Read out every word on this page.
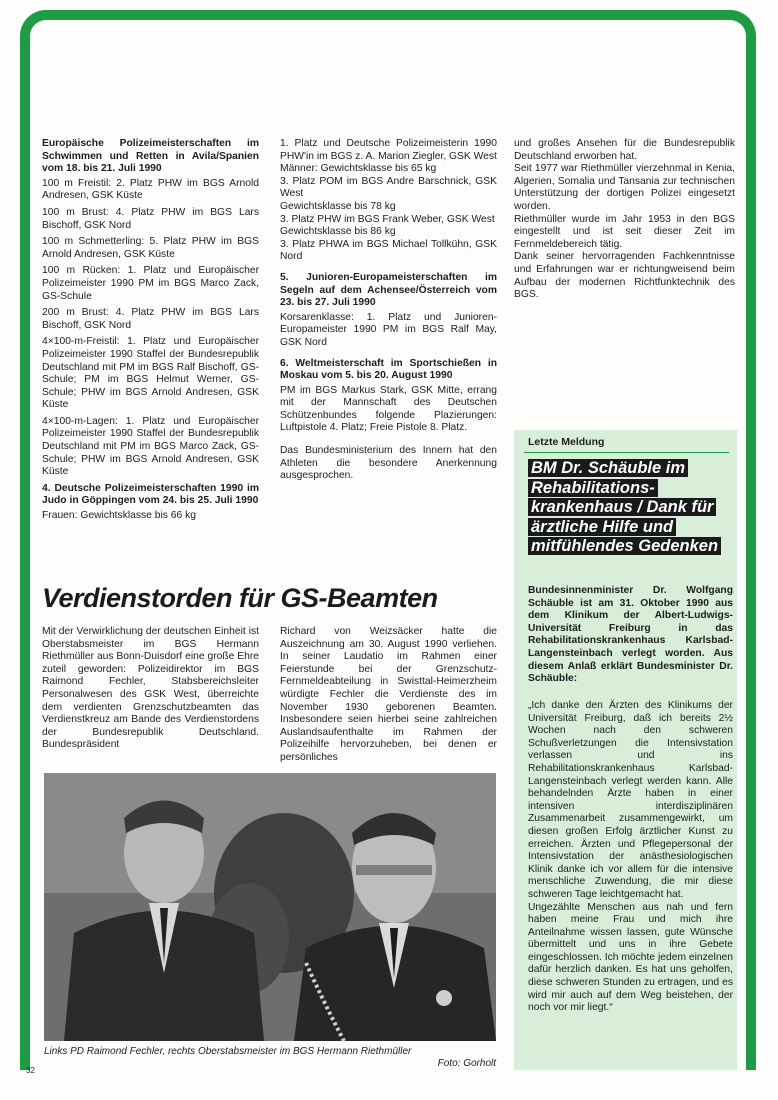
Europäische Polizeimeisterschaften im Schwimmen und Retten in Avila/Spanien vom 18. bis 21. Juli 1990

100 m Freistil: 2. Platz PHW im BGS Arnold Andresen, GSK Küste

100 m Brust: 4. Platz PHW im BGS Lars Bischoff, GSK Nord

100 m Schmetterling: 5. Platz PHW im BGS Arnold Andresen, GSK Küste

100 m Rücken: 1. Platz und Europäischer Polizeimeister 1990 PM im BGS Marco Zack, GS-Schule

200 m Brust: 4. Platz PHW im BGS Lars Bischoff, GSK Nord

4×100-m-Freistil: 1. Platz und Europäischer Polizeimeister 1990 Staffel der Bundesrepublik Deutschland mit PM im BGS Ralf Bischoff, GS-Schule; PM im BGS Helmut Werner, GS-Schule; PHW im BGS Arnold Andresen, GSK Küste

4×100-m-Lagen: 1. Platz und Europäischer Polizeimeister 1990 Staffel der Bundesrepublik Deutschland mit PM im BGS Marco Zack, GS-Schule; PHW im BGS Arnold Andresen, GSK Küste

4. Deutsche Polizeimeisterschaften 1990 im Judo in Göppingen vom 24. bis 25. Juli 1990

Frauen: Gewichtsklasse bis 66 kg

1. Platz und Deutsche Polizeimeisterin 1990 PHW'in im BGS z. A. Marion Ziegler, GSK West

Männer: Gewichtsklasse bis 65 kg

3. Platz POM im BGS Andre Barschnick, GSK West

Gewichtsklasse bis 78 kg

3. Platz PHW im BGS Frank Weber, GSK West

Gewichtsklasse bis 86 kg

3. Platz PHWA im BGS Michael Tollkühn, GSK Nord

5. Junioren-Europameisterschaften im Segeln auf dem Achensee/Österreich vom 23. bis 27. Juli 1990

Korsarenklasse: 1. Platz und Junioren-Europameister 1990 PM im BGS Ralf May, GSK Nord

6. Weltmeisterschaft im Sportschießen in Moskau vom 5. bis 20. August 1990

PM im BGS Markus Stark, GSK Mitte, errang mit der Mannschaft des Deutschen Schützenbundes folgende Plazierungen: Luftpistole 4. Platz; Freie Pistole 8. Platz.

Das Bundesministerium des Innern hat den Athleten die besondere Anerkennung ausgesprochen.

und großes Ansehen für die Bundesrepublik Deutschland erworben hat.

Seit 1977 war Riethmüller vierzehnmal in Kenia, Algerien, Somalia und Tansania zur technischen Unterstützung der dortigen Polizei eingesetzt worden.

Riethmüller wurde im Jahr 1953 in den BGS eingestellt und ist seit dieser Zeit im Fernmeldebereich tätig.

Dank seiner hervorragenden Fachkenntnisse und Erfahrungen war er richtungweisend beim Aufbau der modernen Richtfunktechnik des BGS.

Verdienstorden für GS-Beamten

Mit der Verwirklichung der deutschen Einheit ist Oberstabsmeister im BGS Hermann Riethmüller aus Bonn-Duisdorf eine große Ehre zuteil geworden: Polizeidirektor im BGS Raimond Fechler, Stabsbereichsleiter Personalwesen des GSK West, überreichte dem verdienten Grenzschutzbeamten das Verdienstkreuz am Bande des Verdienstordens der Bundesrepublik Deutschland. Bundespräsident

Richard von Weizsäcker hatte die Auszeichnung am 30. August 1990 verliehen. In seiner Laudatio im Rahmen einer Feierstunde bei der Grenzschutz-Fernmeldeabteilung in Swisttal-Heimerzheim würdigte Fechler die Verdienste des im November 1930 geborenen Beamten. Insbesondere seien hierbei seine zahlreichen Auslandsaufenthalte im Rahmen der Polizeihilfe hervorzuheben, bei denen er persönliches

Links PD Raimond Fechler, rechts Oberstabsmeister im BGS Hermann Riethmüller
Foto: Gorholt
32
Letzte Meldung
BM Dr. Schäuble im Rehabilitations-krankenhaus / Dank für ärztliche Hilfe und mitfühlendes Gedenken
Bundesinnenminister Dr. Wolfgang Schäuble ist am 31. Oktober 1990 aus dem Klinikum der Albert-Ludwigs-Universität Freiburg in das Rehabilitationskrankenhaus Karlsbad-Langensteinbach verlegt worden. Aus diesem Anlaß erklärt Bundesminister Dr. Schäuble:

„Ich danke den Ärzten des Klinikums der Universität Freiburg, daß ich bereits 2½ Wochen nach den schweren Schußverletzungen die Intensivstation verlassen und ins Rehabilitationskrankenhaus Karlsbad-Langensteinbach verlegt werden kann. Alle behandelnden Ärzte haben in einer intensiven interdisziplinären Zusammenarbeit zusammengewirkt, um diesen großen Erfolg ärztlicher Kunst zu erreichen. Ärzten und Pflegepersonal der Intensivstation der anästhesiologischen Klinik danke ich vor allem für die intensive menschliche Zuwendung, die mir diese schweren Tage leichtgemacht hat.

Ungezählte Menschen aus nah und fern haben meine Frau und mich ihre Anteilnahme wissen lassen, gute Wünsche übermittelt und uns in ihre Gebete eingeschlossen. Ich möchte jedem einzelnen dafür herzlich danken. Es hat uns geholfen, diese schweren Stunden zu ertragen, und es wird mir auch auf dem Weg beistehen, der noch vor mir liegt.“
